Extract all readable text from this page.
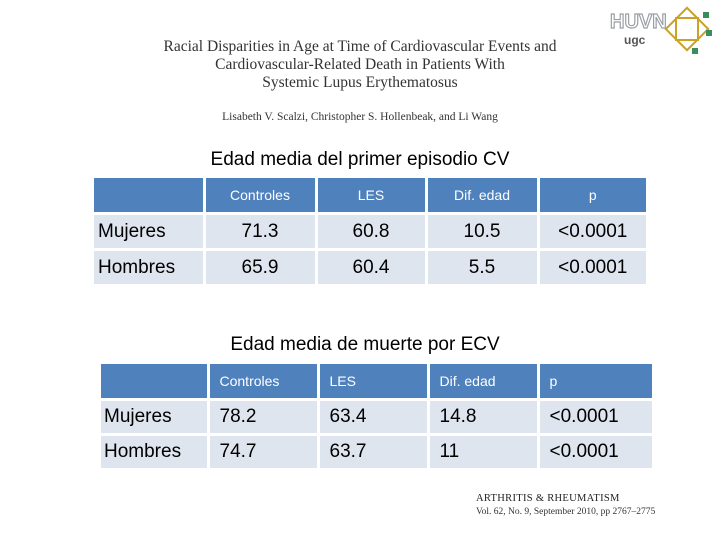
HUVN
ugc
Racial Disparities in Age at Time of Cardiovascular Events and
Cardiovascular-Related Death in Patients With
Systemic Lupus Erythematosus
Lisabeth V. Scalzi, Christopher S. Hollenbeak, and Li Wang
Edad media del primer episodio CV
	Controles	LES	Dif. edad	p
Mujeres	71.3	60.8	10.5	<0.0001
Hombres	65.9	60.4	5.5	<0.0001
Edad media de muerte por ECV
	Controles	LES	Dif. edad	p
Mujeres	78.2	63.4	14.8	<0.0001
Hombres	74.7	63.7	11	<0.0001
ARTHRITIS & RHEUMATISM
Vol. 62, No. 9, September 2010, pp 2767–2775
